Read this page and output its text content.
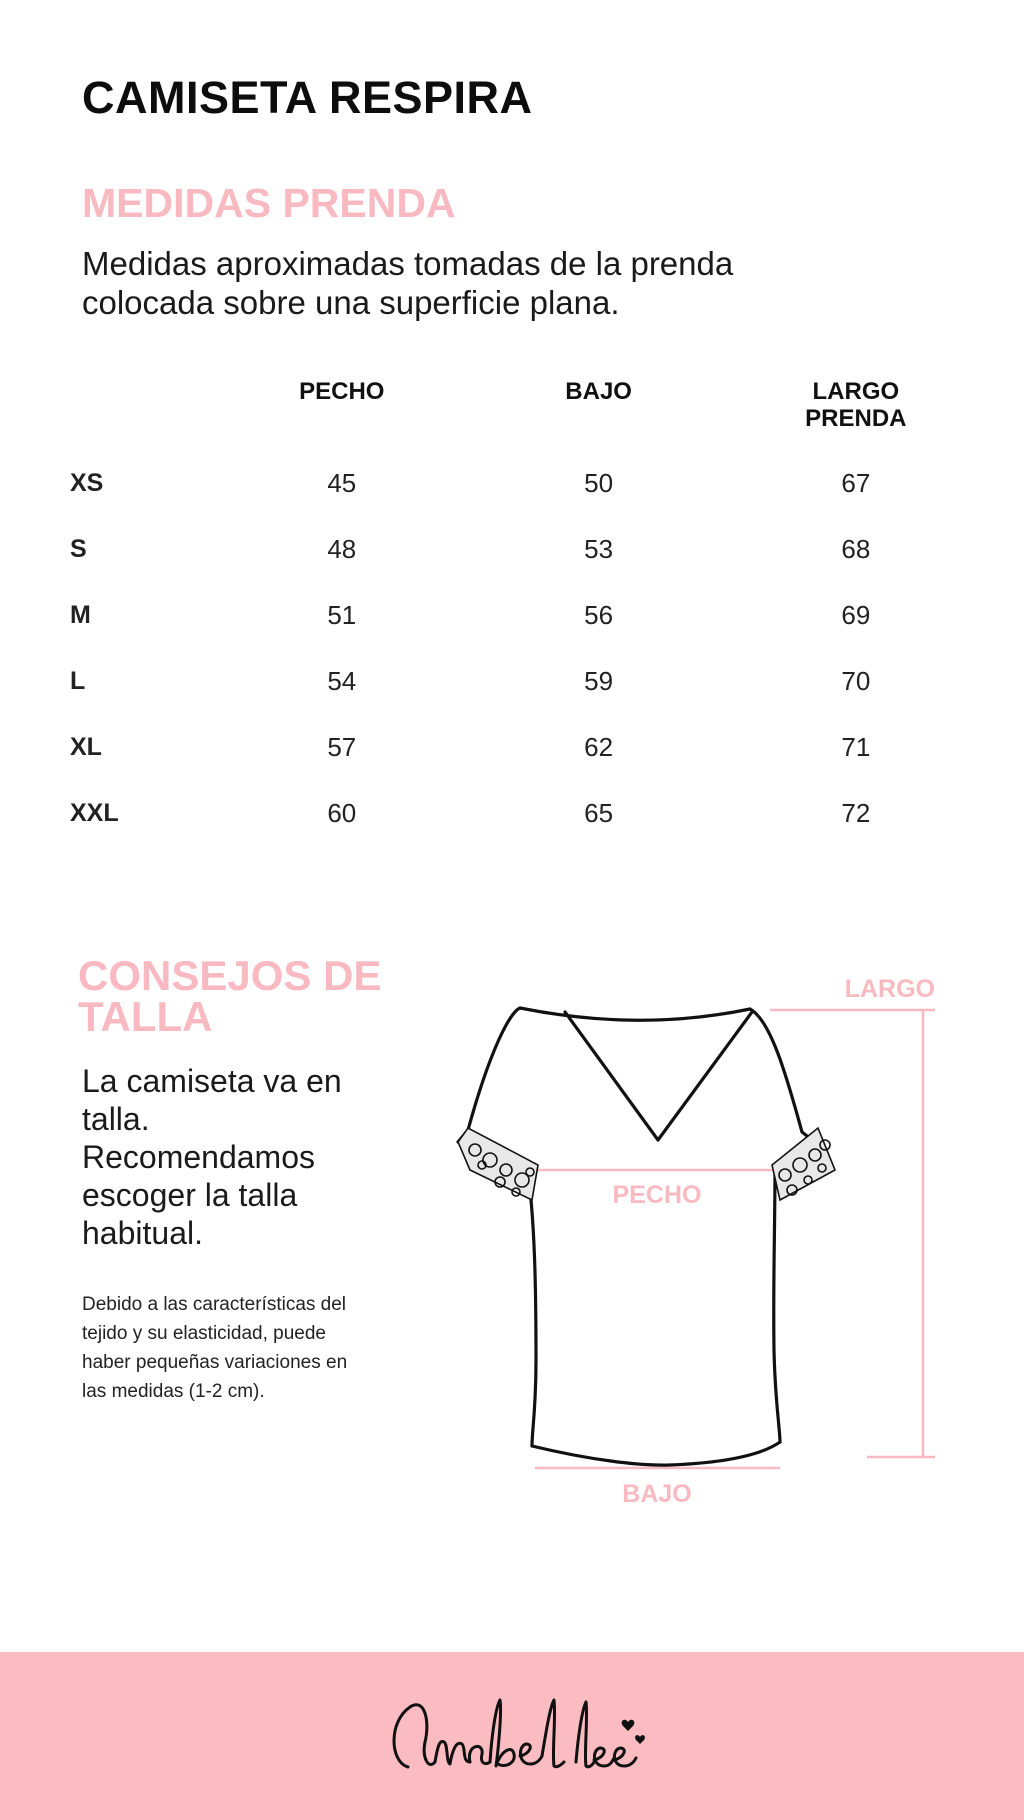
CAMISETA RESPIRA
MEDIDAS PRENDA

Medidas aproximadas tomadas de la prenda colocada sobre una superficie plana.

	PECHO	BAJO	LARGO PRENDA
XS	45	50	67
S	48	53	68
M	51	56	69
L	54	59	70
XL	57	62	71
XXL	60	65	72
CONSEJOS DE TALLA

La camiseta va en talla. Recomendamos escoger la talla habitual.

Debido a las características del tejido y su elasticidad, puede haber pequeñas variaciones en las medidas (1-2 cm).

LARGO
PECHO
BAJO
